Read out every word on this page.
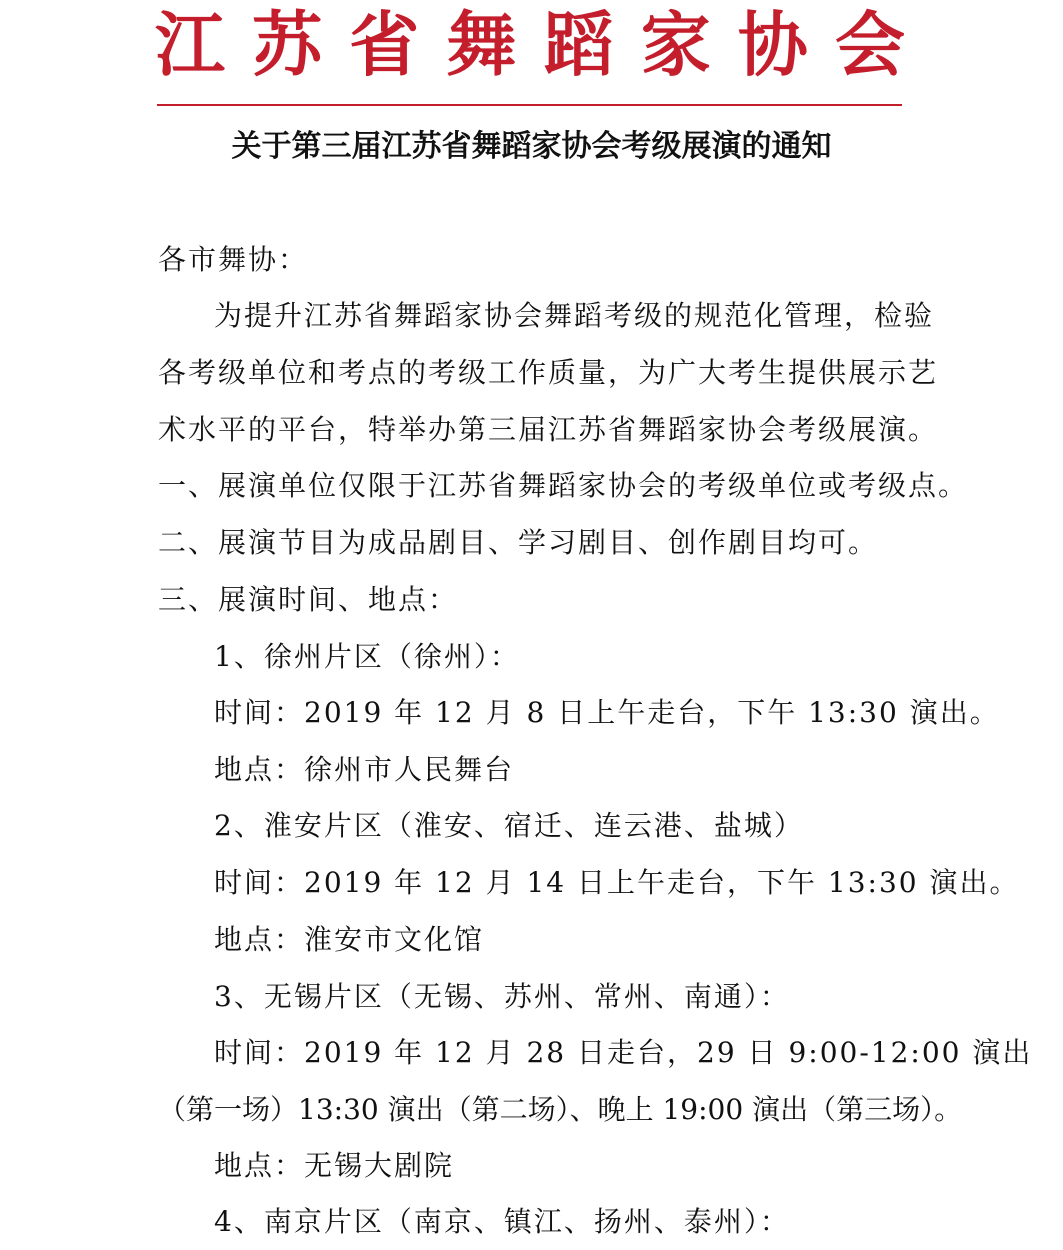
江 苏 省 舞 蹈 家 协 会
关于第三届江苏省舞蹈家协会考级展演的通知
各市舞协：
为提升江苏省舞蹈家协会舞蹈考级的规范化管理，检验
各考级单位和考点的考级工作质量，为广大考生提供展示艺
术水平的平台，特举办第三届江苏省舞蹈家协会考级展演。
一、展演单位仅限于江苏省舞蹈家协会的考级单位或考级点。
二、展演节目为成品剧目、学习剧目、创作剧目均可。
三、展演时间、地点：
1、徐州片区（徐州）：
时间：2019 年 12 月 8 日上午走台，下午 13:30 演出。
地点：徐州市人民舞台
2、淮安片区（淮安、宿迁、连云港、盐城）
时间：2019 年 12 月 14 日上午走台，下午 13:30 演出。
地点：淮安市文化馆
3、无锡片区（无锡、苏州、常州、南通）：
时间：2019 年 12 月 28 日走台，29 日 9:00-12:00 演出
（第一场）13:30 演出（第二场）、晚上 19:00 演出（第三场）。
地点：无锡大剧院
4、南京片区（南京、镇江、扬州、泰州）：
